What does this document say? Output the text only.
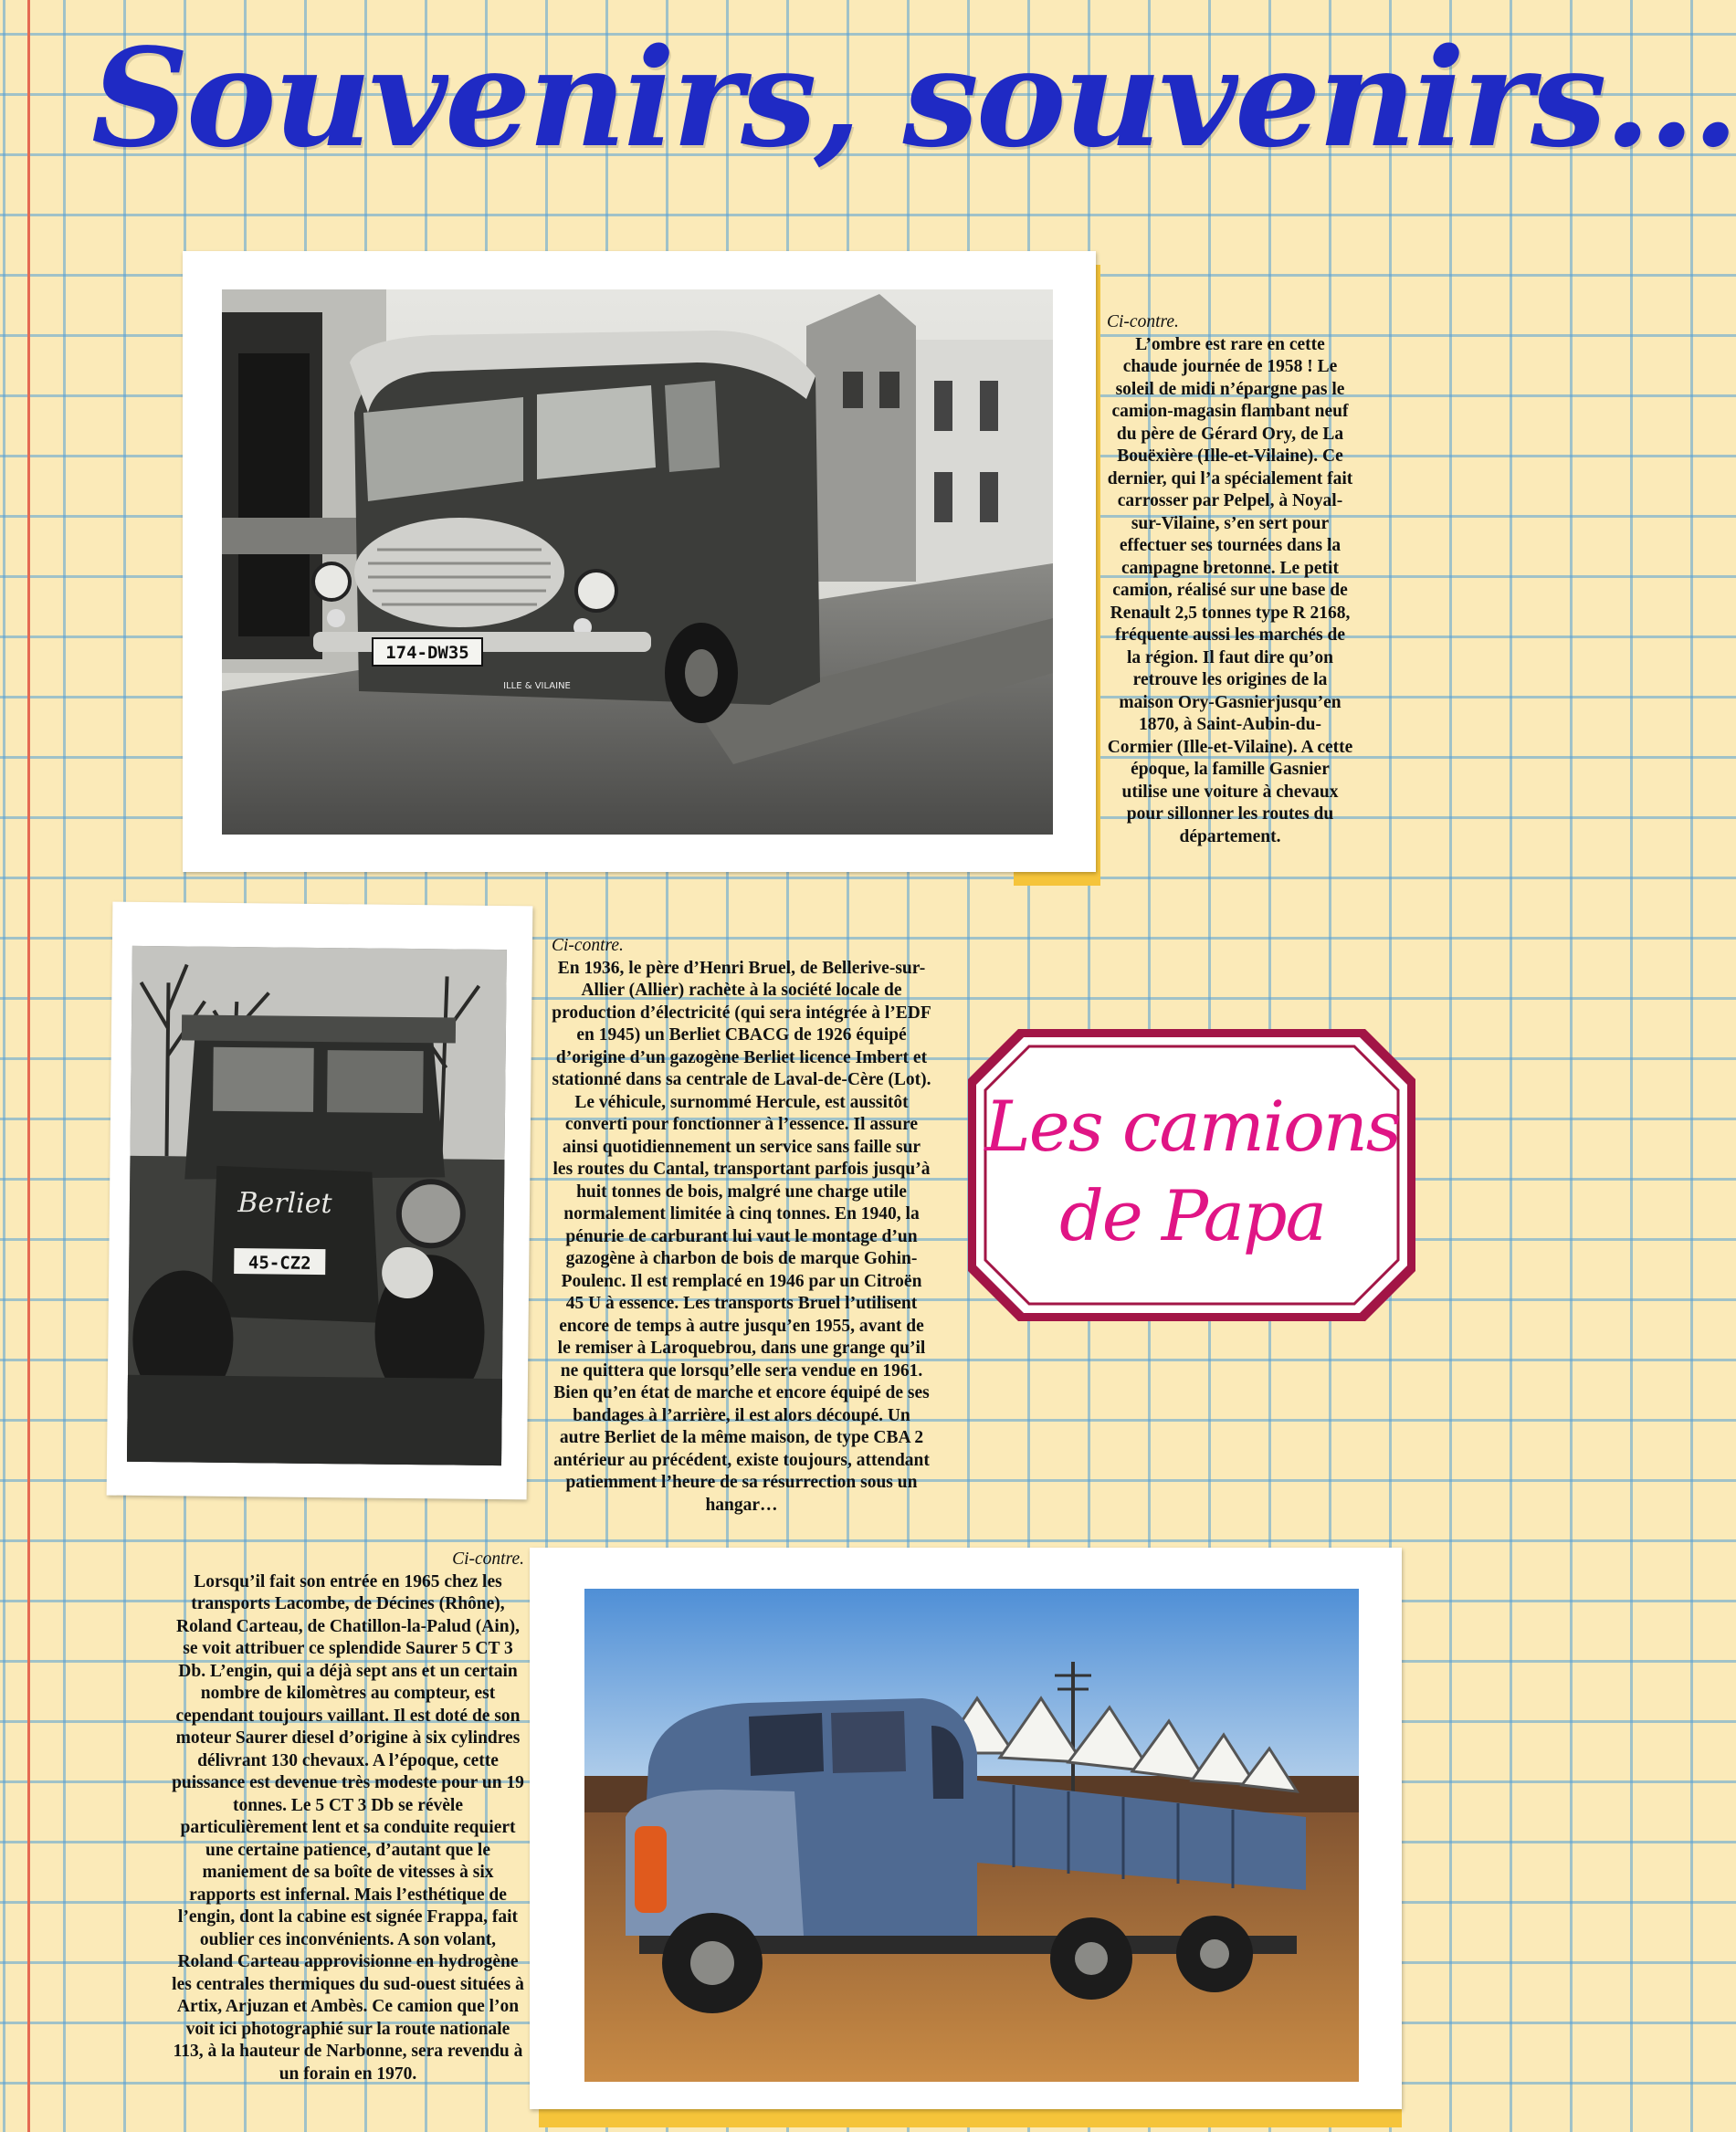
Souvenirs, souvenirs…
174-DW35
ILLE & VILAINE
Ci-contre.
L’ombre est rare en cette chaude journée de 1958 ! Le soleil de midi n’épargne pas le camion-magasin flambant neuf du père de Gérard Ory, de La Bouëxière (Ille-et-Vilaine). Ce dernier, qui l’a spécialement fait carrosser par Pelpel, à Noyal-sur-Vilaine, s’en sert pour effectuer ses tournées dans la campagne bretonne. Le petit camion, réalisé sur une base de Renault 2,5 tonnes type R 2168, fréquente aussi les marchés de la région. Il faut dire qu’on retrouve les origines de la maison Ory-Gasnierjusqu’en 1870, à Saint-Aubin-du-Cormier (Ille-et-Vilaine). A cette époque, la famille Gasnier utilise une voiture à chevaux pour sillonner les routes du département.
Berliet
45-CZ2
Ci-contre.
En 1936, le père d’Henri Bruel, de Bellerive-sur-Allier (Allier) rachète à la société locale de production d’électricité (qui sera intégrée à l’EDF en 1945) un Berliet CBACG de 1926 équipé d’origine d’un gazogène Berliet licence Imbert et stationné dans sa centrale de Laval-de-Cère (Lot). Le véhicule, surnommé Hercule, est aussitôt converti pour fonctionner à l’essence. Il assure ainsi quotidiennement un service sans faille sur les routes du Cantal, transportant parfois jusqu’à huit tonnes de bois, malgré une charge utile normalement limitée à cinq tonnes. En 1940, la pénurie de carburant lui vaut le montage d’un gazogène à charbon de bois de marque Gohin-Poulenc. Il est remplacé en 1946 par un Citroën 45 U à essence. Les transports Bruel l’utilisent encore de temps à autre jusqu’en 1955, avant de le remiser à Laroquebrou, dans une grange qu’il ne quittera que lorsqu’elle sera vendue en 1961. Bien qu’en état de marche et encore équipé de ses bandages à l’arrière, il est alors découpé. Un autre Berliet de la même maison, de type CBA 2 antérieur au précédent, existe toujours, attendant patiemment l’heure de sa résurrection sous un hangar…
Les camions
de Papa
Ci-contre.
Lorsqu’il fait son entrée en 1965 chez les transports Lacombe, de Décines (Rhône), Roland Carteau, de Chatillon-la-Palud (Ain), se voit attribuer ce splendide Saurer 5 CT 3 Db. L’engin, qui a déjà sept ans et un certain nombre de kilomètres au compteur, est cependant toujours vaillant. Il est doté de son moteur Saurer diesel d’origine à six cylindres délivrant 130 chevaux. A l’époque, cette puissance est devenue très modeste pour un 19 tonnes. Le 5 CT 3 Db se révèle particulièrement lent et sa conduite requiert une certaine patience, d’autant que le maniement de sa boîte de vitesses à six rapports est infernal. Mais l’esthétique de l’engin, dont la cabine est signée Frappa, fait oublier ces inconvénients. A son volant, Roland Carteau approvisionne en hydrogène les centrales thermiques du sud-ouest situées à Artix, Arjuzan et Ambès. Ce camion que l’on voit ici photographié sur la route nationale 113, à la hauteur de Narbonne, sera revendu à un forain en 1970.
